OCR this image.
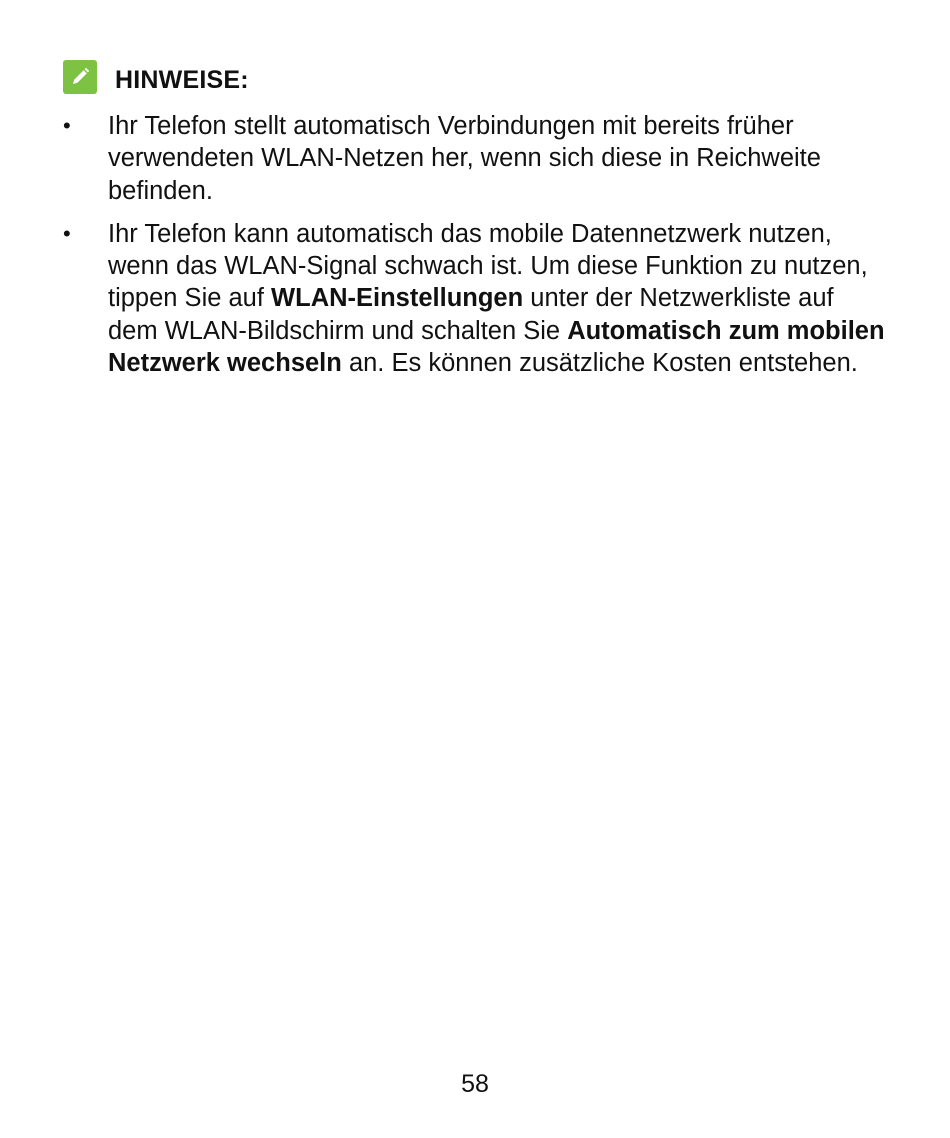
HINWEISE:
• Ihr Telefon stellt automatisch Verbindungen mit bereits früher verwendeten WLAN-Netzen her, wenn sich diese in Reichweite befinden.
• Ihr Telefon kann automatisch das mobile Datennetzwerk nutzen, wenn das WLAN-Signal schwach ist. Um diese Funktion zu nutzen, tippen Sie auf WLAN-Einstellungen unter der Netzwerkliste auf dem WLAN-Bildschirm und schalten Sie Automatisch zum mobilen Netzwerk wechseln an. Es können zusätzliche Kosten entstehen.
58
